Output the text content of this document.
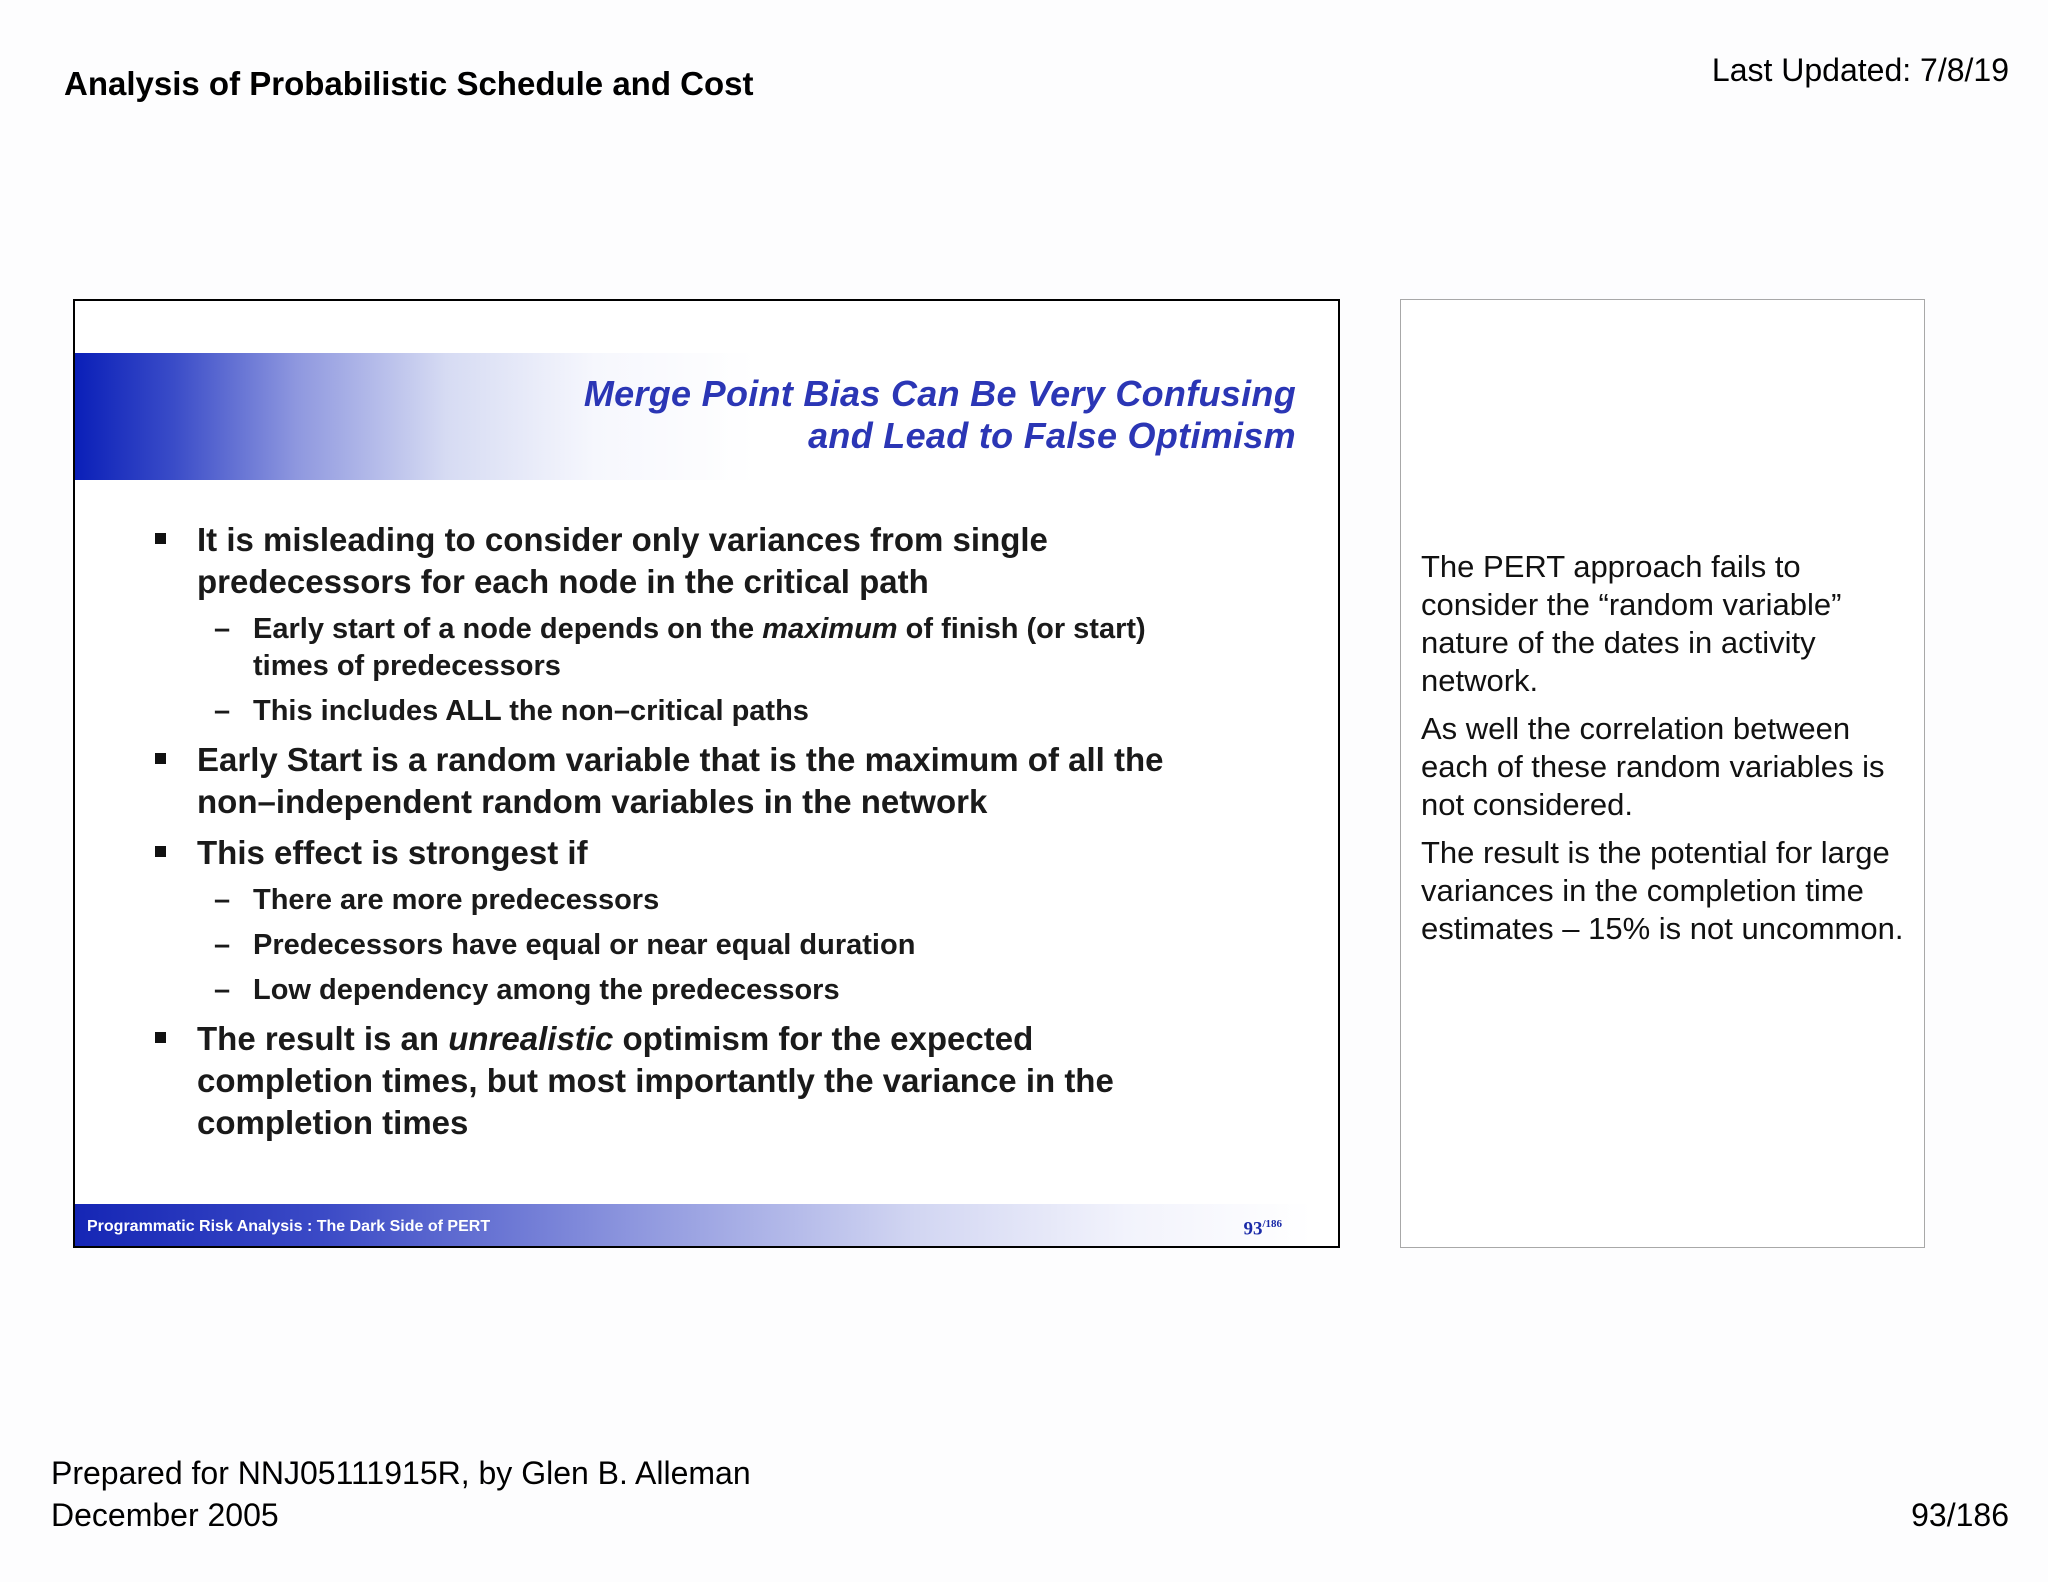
Analysis of Probabilistic Schedule and Cost	Last Updated: 7/8/19
Merge Point Bias Can Be Very Confusing
and Lead to False Optimism
It is misleading to consider only variances from single
predecessors for each node in the critical path
– Early start of a node depends on the maximum of finish (or start)
times of predecessors
– This includes ALL the non–critical paths
Early Start is a random variable that is the maximum of all the
non–independent random variables in the network
This effect is strongest if
– There are more predecessors
– Predecessors have equal or near equal duration
– Low dependency among the predecessors
The result is an unrealistic optimism for the expected
completion times, but most importantly the variance in the
completion times
Programmatic Risk Analysis : The Dark Side of PERT	$93^{/186}$

The PERT approach fails to consider the “random variable” nature of the dates in activity network.

As well the correlation between each of these random variables is not considered.

The result is the potential for large variances in the completion time estimates – 15% is not uncommon.

Prepared for NNJ05111915R, by Glen B. Alleman
December 2005	93/186
